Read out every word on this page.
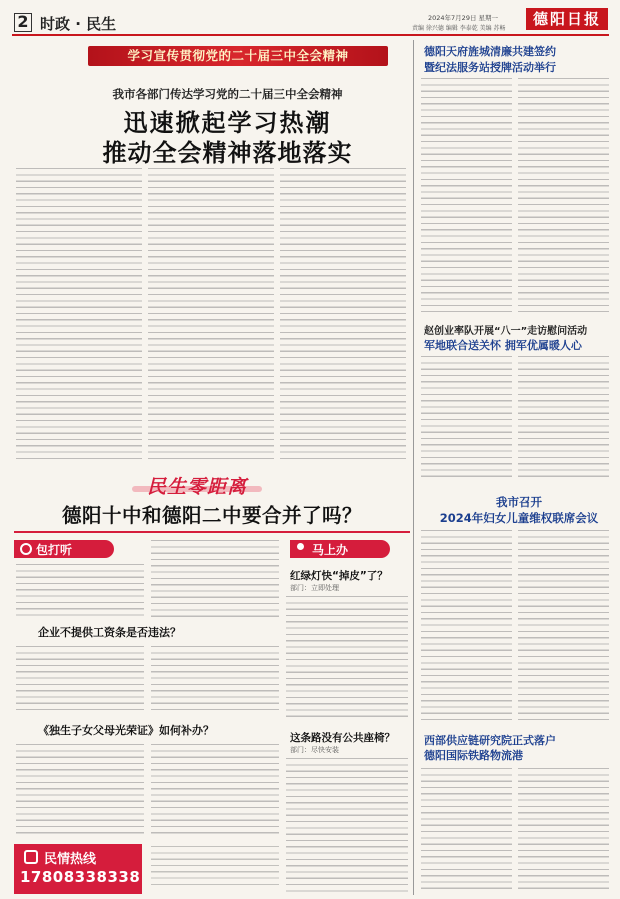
2 时政 · 民生	2024年7月29日 星期一
责编 徐兴德 编辑 李泰乾 美编 苏畅
德阳日报
学习宣传贯彻党的二十届三中全会精神
我市各部门传达学习党的二十届三中全会精神
迅速掀起学习热潮
推动全会精神落地落实
德阳天府旌城清廉共建签约
暨纪法服务站授牌活动举行
赵创业率队开展“八一”走访慰问活动
军地联合送关怀 拥军优属暖人心
我市召开
2024年妇女儿童维权联席会议
西部供应链研究院正式落户
德阳国际铁路物流港
民生零距离
德阳十中和德阳二中要合并了吗？
包打听
企业不提供工资条是否违法？
《独生子女父母光荣证》如何补办？
马上办
红绿灯快“掉皮”了？
部门：立即处理
这条路没有公共座椅？
部门：尽快安装
民情热线
17808338338
